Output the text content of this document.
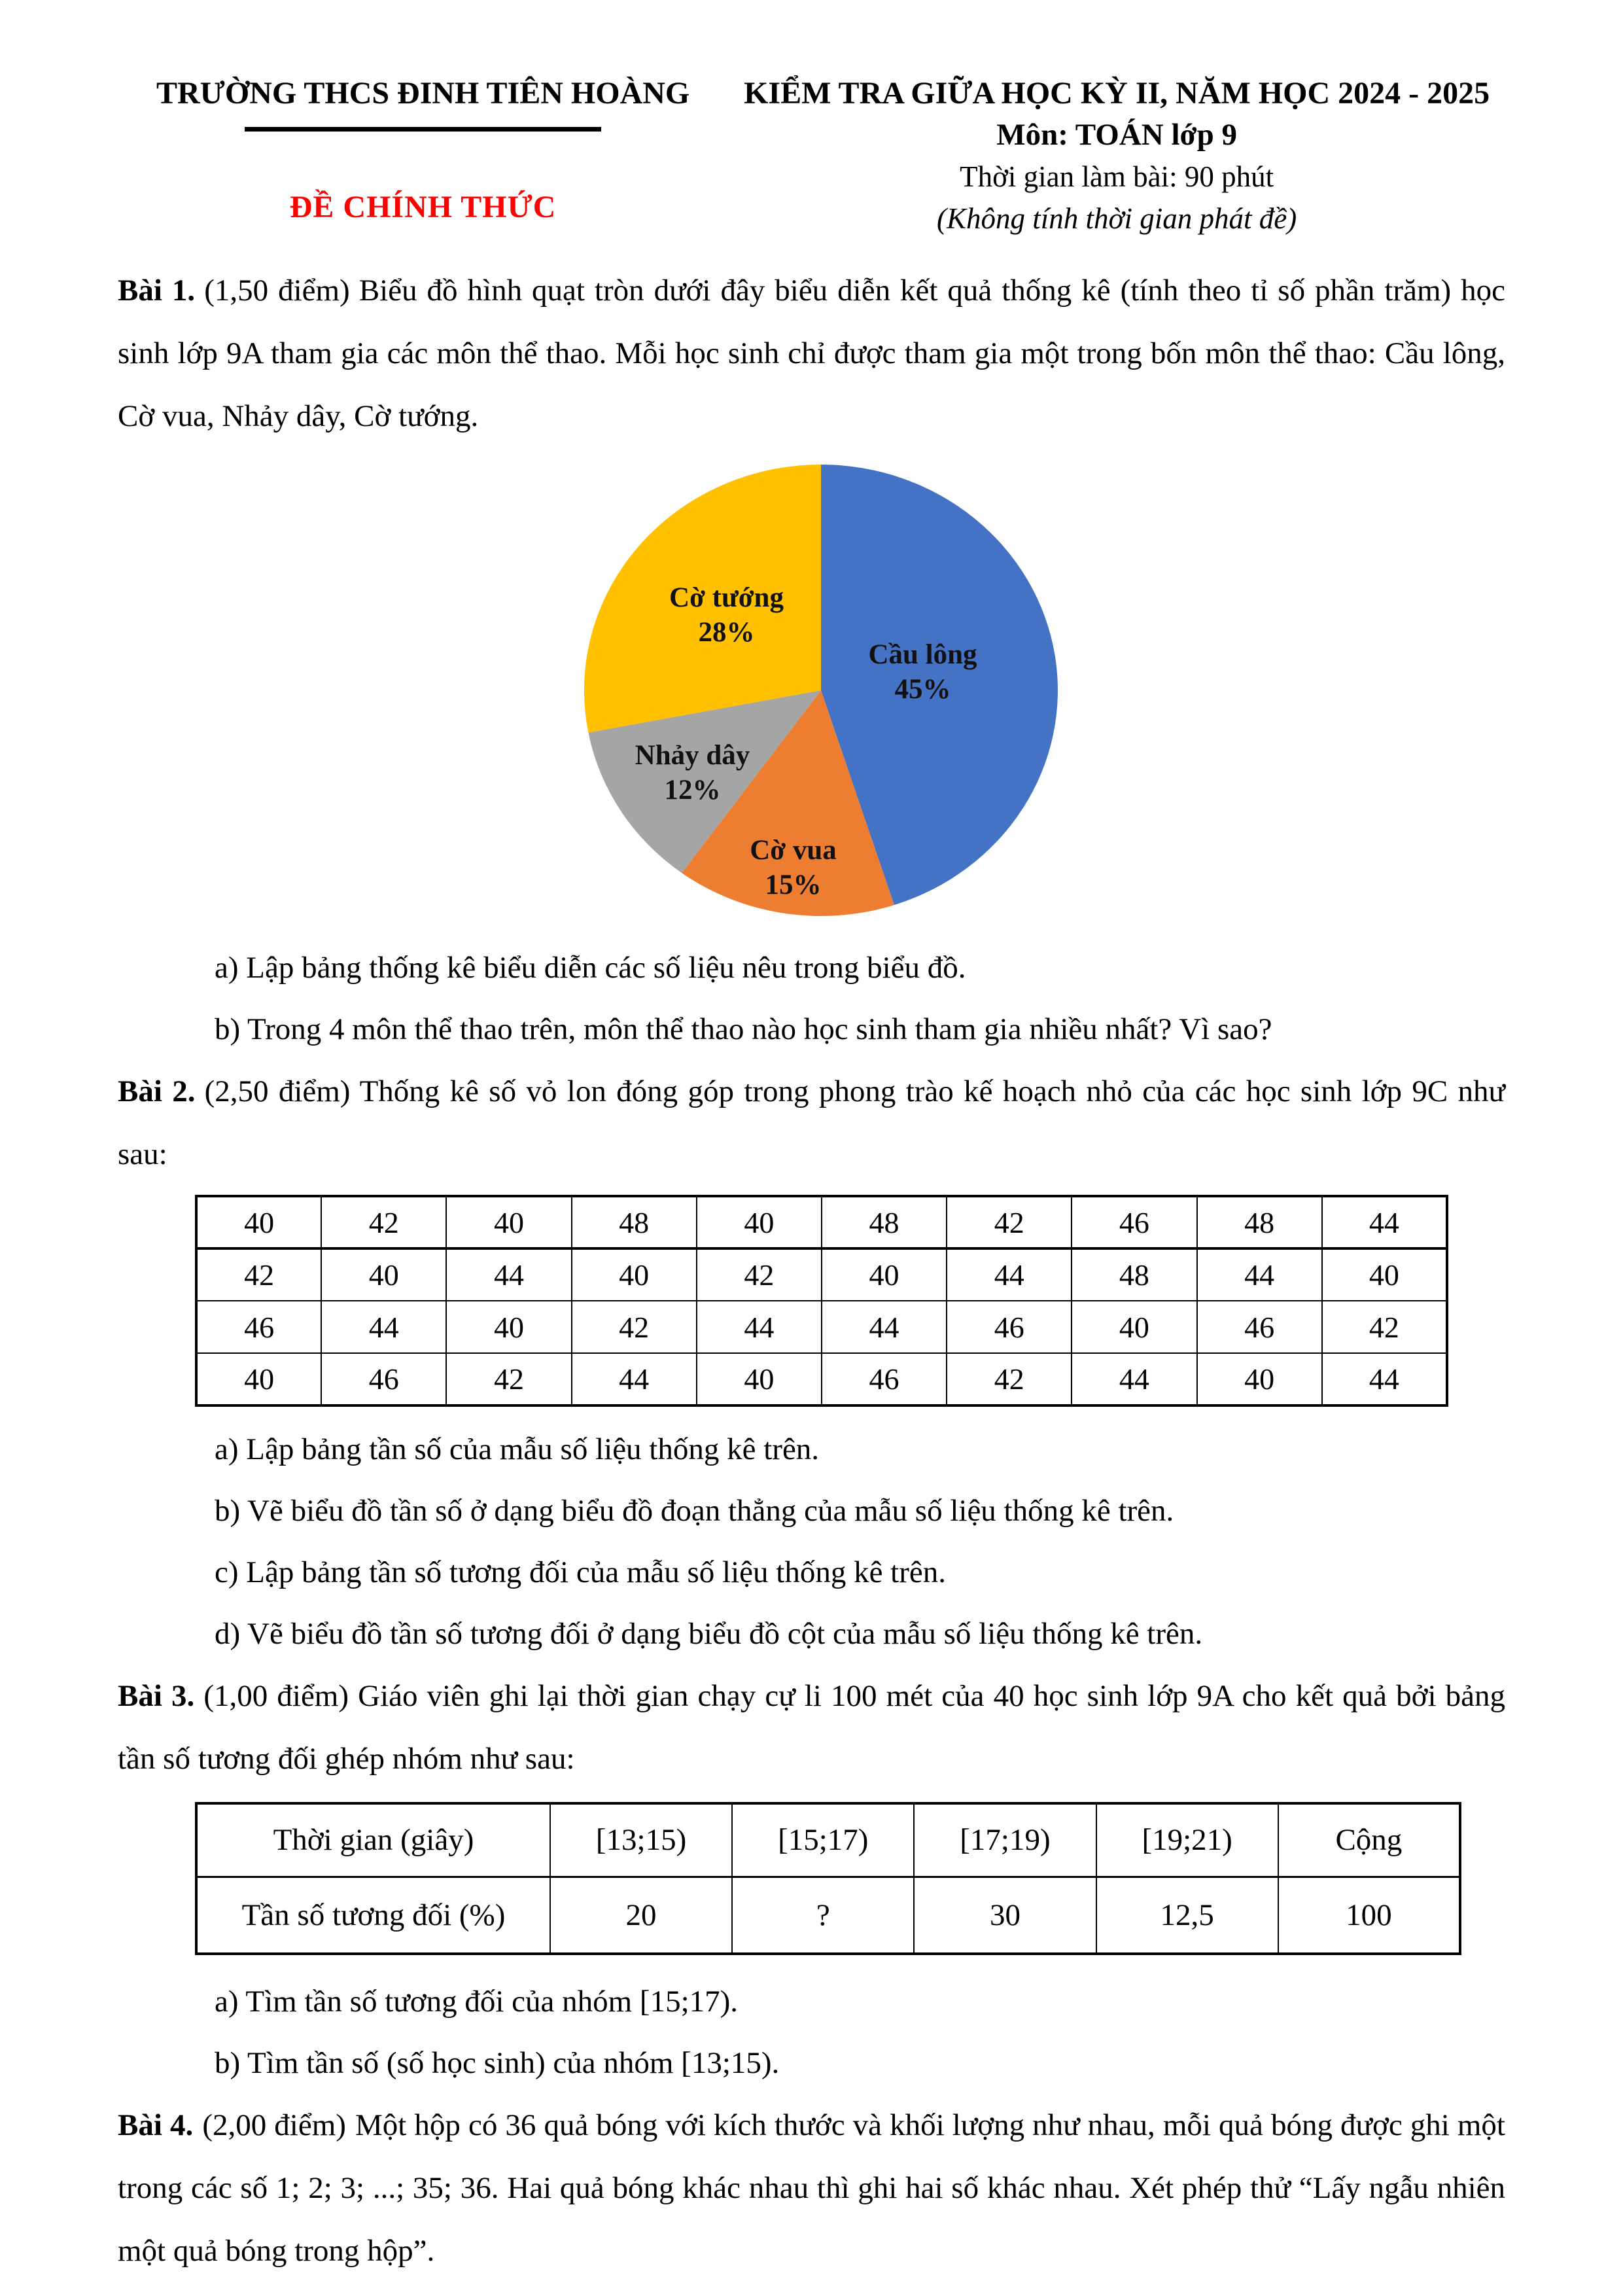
TRƯỜNG THCS ĐINH TIÊN HOÀNG
ĐỀ CHÍNH THỨC
KIỂM TRA GIỮA HỌC KỲ II, NĂM HỌC 2024 - 2025
Môn: TOÁN lớp 9
Thời gian làm bài: 90 phút
(Không tính thời gian phát đề)

Bài 1. (1,50 điểm) Biểu đồ hình quạt tròn dưới đây biểu diễn kết quả thống kê (tính theo tỉ số phần trăm) học sinh lớp 9A tham gia các môn thể thao. Mỗi học sinh chỉ được tham gia một trong bốn môn thể thao: Cầu lông, Cờ vua, Nhảy dây, Cờ tướng.

Cầu lông
45%
Cờ vua
15%
Nhảy dây
12%
Cờ tướng
28%
a) Lập bảng thống kê biểu diễn các số liệu nêu trong biểu đồ.
b) Trong 4 môn thể thao trên, môn thể thao nào học sinh tham gia nhiều nhất? Vì sao?

Bài 2. (2,50 điểm) Thống kê số vỏ lon đóng góp trong phong trào kế hoạch nhỏ của các học sinh lớp 9C như sau:

40	42	40	48	40	48	42	46	48	44
42	40	44	40	42	40	44	48	44	40
46	44	40	42	44	44	46	40	46	42
40	46	42	44	40	46	42	44	40	44
a) Lập bảng tần số của mẫu số liệu thống kê trên.
b) Vẽ biểu đồ tần số ở dạng biểu đồ đoạn thẳng của mẫu số liệu thống kê trên.
c) Lập bảng tần số tương đối của mẫu số liệu thống kê trên.
d) Vẽ biểu đồ tần số tương đối ở dạng biểu đồ cột của mẫu số liệu thống kê trên.

Bài 3. (1,00 điểm) Giáo viên ghi lại thời gian chạy cự li 100 mét của 40 học sinh lớp 9A cho kết quả bởi bảng tần số tương đối ghép nhóm như sau:

Thời gian (giây)	[13;15)	[15;17)	[17;19)	[19;21)	Cộng
Tần số tương đối (%)	20	?	30	12,5	100
a) Tìm tần số tương đối của nhóm [15;17).
b) Tìm tần số (số học sinh) của nhóm [13;15).

Bài 4. (2,00 điểm) Một hộp có 36 quả bóng với kích thước và khối lượng như nhau, mỗi quả bóng được ghi một trong các số 1; 2; 3; ...; 35; 36. Hai quả bóng khác nhau thì ghi hai số khác nhau. Xét phép thử “Lấy ngẫu nhiên một quả bóng trong hộp”.
